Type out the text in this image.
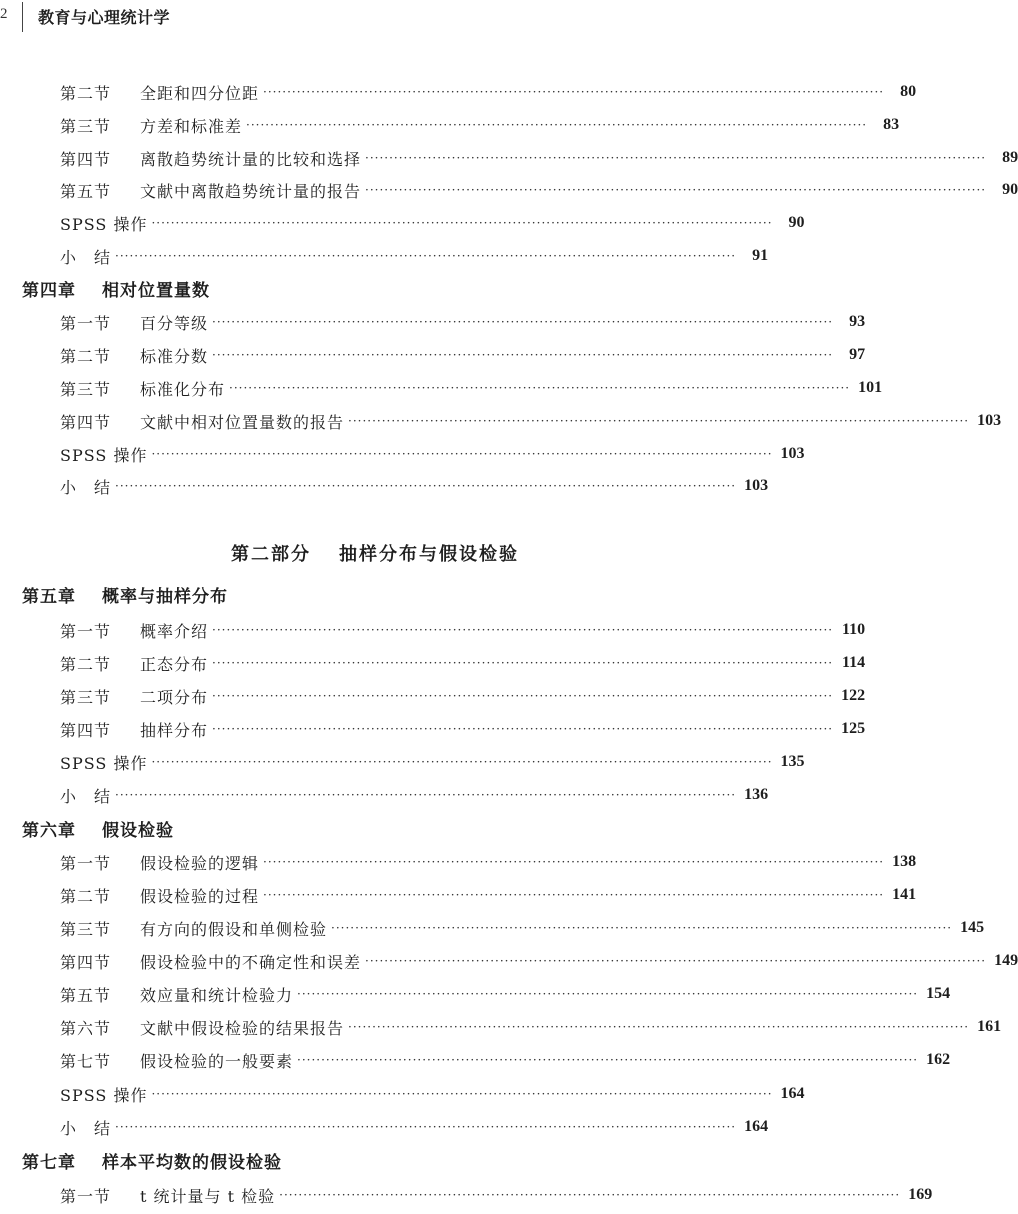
2 教育与心理统计学
第二部分 抽样分布与假设检验
第二节	全距和四分位距 ·································································································································	80
第三节	方差和标准差 ·································································································································	83
第四节	离散趋势统计量的比较和选择 ·································································································································	89
第五节	文献中离散趋势统计量的报告 ·································································································································	90
SPSS 操作 ·································································································································	90
小　结 ·································································································································	91
第四章	相对位置量数
第一节	百分等级 ·································································································································	93
第二节	标准分数 ·································································································································	97
第三节	标准化分布 ································································································································· 101
第四节	文献中相对位置量数的报告 ································································································································· 103
SPSS 操作 ································································································································· 103
小　结 ································································································································· 103
第五章	概率与抽样分布
第一节	概率介绍 ································································································································· 110
第二节	正态分布 ································································································································· 114
第三节	二项分布 ································································································································· 122
第四节	抽样分布 ································································································································· 125
SPSS 操作 ································································································································· 135
小　结 ································································································································· 136
第六章	假设检验
第一节	假设检验的逻辑 ································································································································· 138
第二节	假设检验的过程 ································································································································· 141
第三节	有方向的假设和单侧检验 ································································································································· 145
第四节	假设检验中的不确定性和误差 ································································································································· 149
第五节	效应量和统计检验力 ································································································································· 154
第六节	文献中假设检验的结果报告 ································································································································· 161
第七节	假设检验的一般要素 ································································································································· 162
SPSS 操作 ································································································································· 164
小　结 ································································································································· 164
第七章	样本平均数的假设检验
第一节	t 统计量与 t 检验 ································································································································· 169
